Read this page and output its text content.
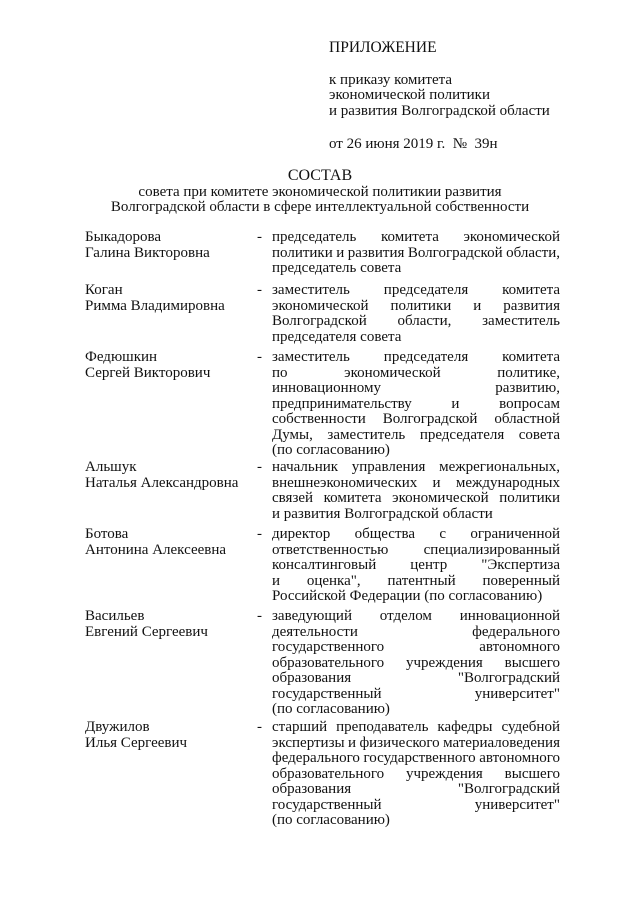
ПРИЛОЖЕНИЕ
к приказу комитета
экономической политики
и развития Волгоградской области
от 26 июня 2019 г.  №  39н
СОСТАВ
совета при комитете экономической политикии развития
Волгоградской области в сфере интеллектуальной собственности
Быкадорова
Галина Викторовна
- председатель комитета экономической
политики и развития Волгоградской области,
председатель совета
Коган
Римма Владимировна
- заместитель председателя комитета
экономической политики и развития
Волгоградской области, заместитель
председателя совета
Федюшкин
Сергей Викторович
- заместитель председателя комитета
по	экономической	политике,
инновационному	развитию,
предпринимательству	и	вопросам
собственности Волгоградской областной
Думы, заместитель председателя совета
(по согласованию)
Альшук
Наталья Александровна
- начальник управления межрегиональных,
внешнеэкономических и международных
связей комитета экономической политики
и развития Волгоградской области
Ботова
Антонина Алексеевна
- директор общества с ограниченной
ответственностью специализированный
консалтинговый центр "Экспертиза
и оценка", патентный поверенный
Российской Федерации (по согласованию)
Васильев
Евгений Сергеевич
- заведующий отделом инновационной
деятельности	федерального
государственного	автономного
образовательного учреждения высшего
образования	"Волгоградский
государственный	университет"
(по согласованию)
Двужилов
Илья Сергеевич
- старший преподаватель кафедры судебной
экспертизы и физического материаловедения
федерального государственного автономного
образовательного учреждения высшего
образования	"Волгоградский
государственный	университет"
(по согласованию)
